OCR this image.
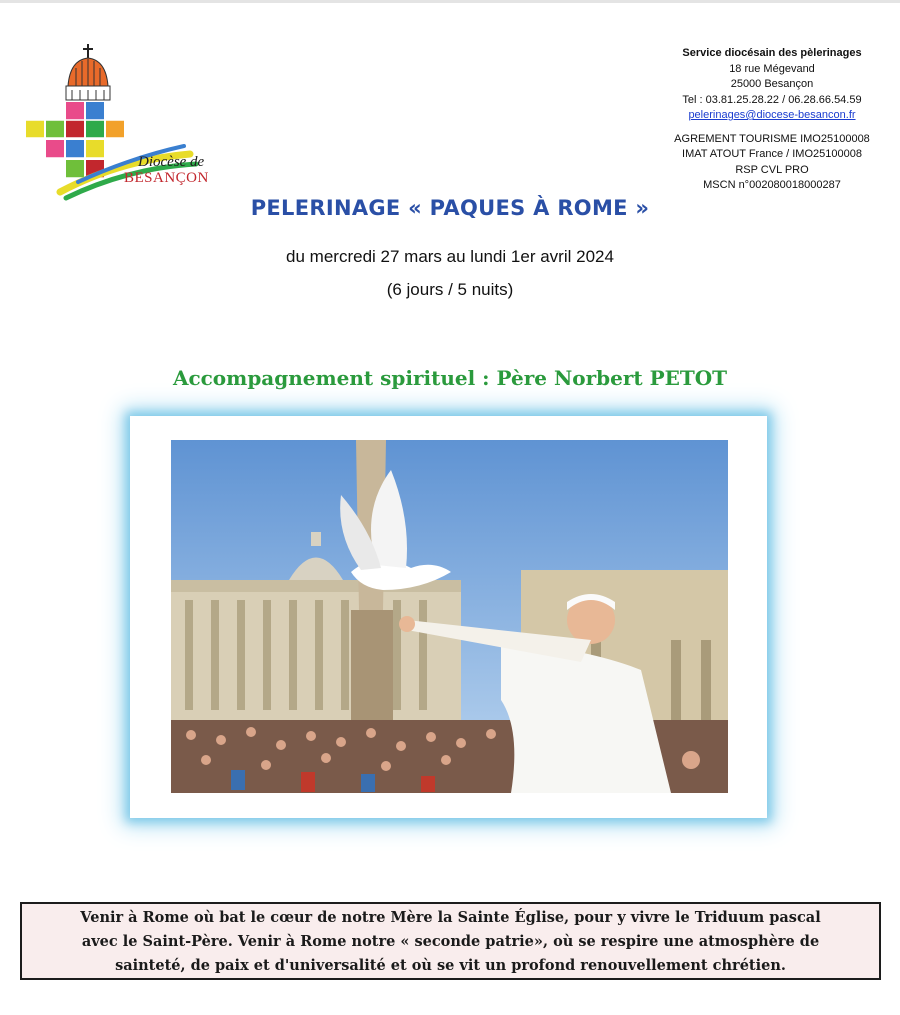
Diocèse de
BESANÇON
Service diocésain des pèlerinages
18 rue Mégevand
25000 Besançon
Tel : 03.81.25.28.22 / 06.28.66.54.59
pelerinages@diocese-besancon.fr
AGREMENT TOURISME IMO25100008
IMAT ATOUT France / IMO25100008
RSP CVL PRO
MSCN n°002080018000287
PELERINAGE « PAQUES À ROME »
du mercredi 27 mars au lundi 1er avril 2024
(6 jours / 5 nuits)
Accompagnement spirituel : Père Norbert PETOT
Venir à Rome où bat le cœur de notre Mère la Sainte Église, pour y vivre le Triduum pascal
avec le Saint-Père. Venir à Rome notre « seconde patrie», où se respire une atmosphère de
sainteté, de paix et d'universalité et où se vit un profond renouvellement chrétien.
